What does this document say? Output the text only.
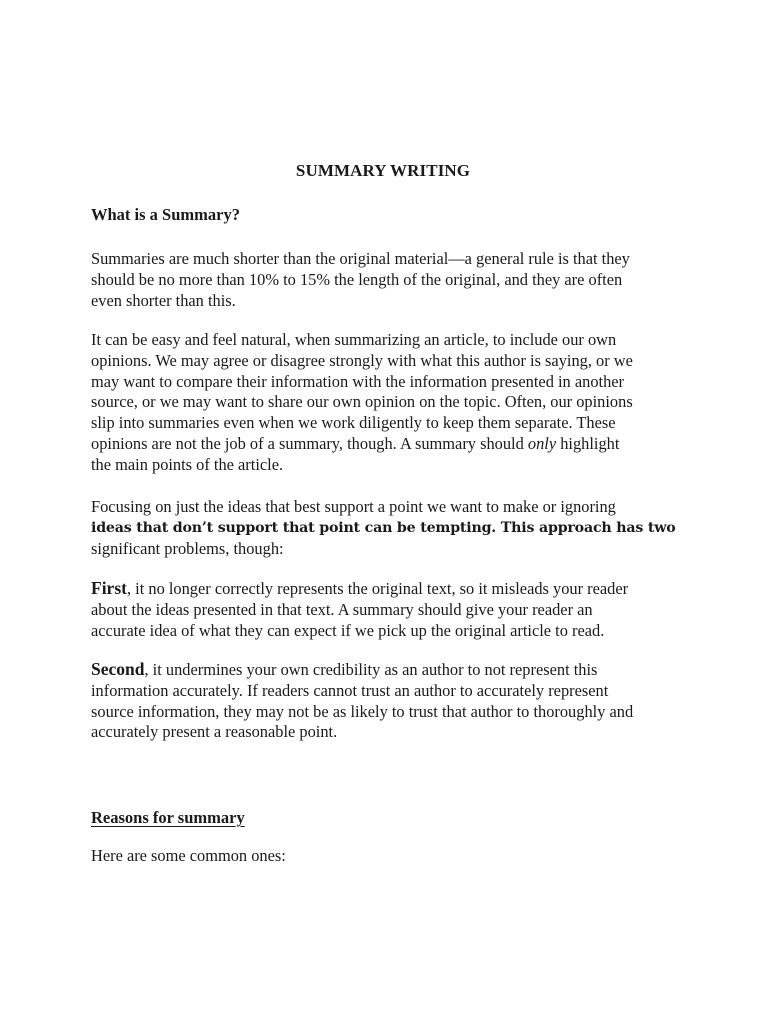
SUMMARY WRITING
What is a Summary?
Summaries are much shorter than the original material—a general rule is that they
should be no more than 10% to 15% the length of the original, and they are often
even shorter than this.
It can be easy and feel natural, when summarizing an article, to include our own
opinions. We may agree or disagree strongly with what this author is saying, or we
may want to compare their information with the information presented in another
source, or we may want to share our own opinion on the topic. Often, our opinions
slip into summaries even when we work diligently to keep them separate. These
opinions are not the job of a summary, though. A summary should only highlight
the main points of the article.
Focusing on just the ideas that best support a point we want to make or ignoring
ideas that don’t support that point can be tempting. This approach has two
significant problems, though:
First, it no longer correctly represents the original text, so it misleads your reader
about the ideas presented in that text. A summary should give your reader an
accurate idea of what they can expect if we pick up the original article to read.
Second, it undermines your own credibility as an author to not represent this
information accurately. If readers cannot trust an author to accurately represent
source information, they may not be as likely to trust that author to thoroughly and
accurately present a reasonable point.
Reasons for summary
Here are some common ones:
